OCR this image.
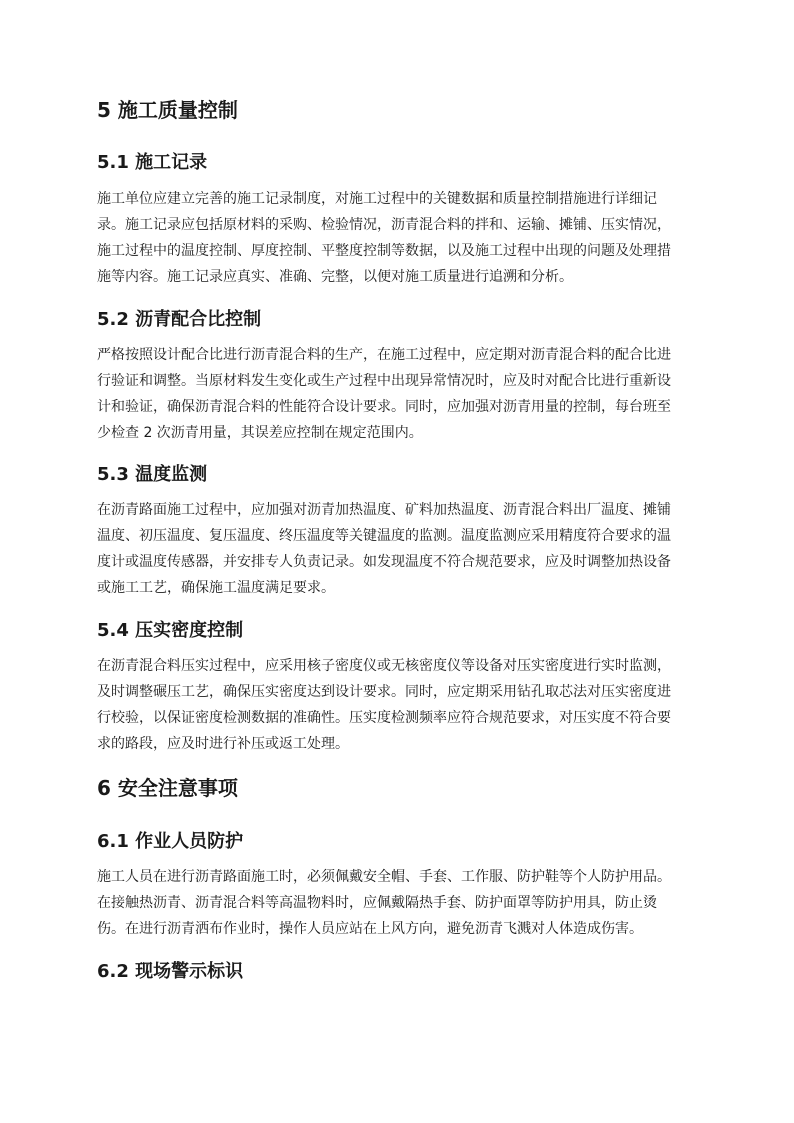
5 施工质量控制
5.1 施工记录
施工单位应建立完善的施工记录制度，对施工过程中的关键数据和质量控制措施进行详细记
录。施工记录应包括原材料的采购、检验情况，沥青混合料的拌和、运输、摊铺、压实情况，
施工过程中的温度控制、厚度控制、平整度控制等数据，以及施工过程中出现的问题及处理措
施等内容。施工记录应真实、准确、完整，以便对施工质量进行追溯和分析。
5.2 沥青配合比控制
严格按照设计配合比进行沥青混合料的生产，在施工过程中，应定期对沥青混合料的配合比进
行验证和调整。当原材料发生变化或生产过程中出现异常情况时，应及时对配合比进行重新设
计和验证，确保沥青混合料的性能符合设计要求。同时，应加强对沥青用量的控制，每台班至
少检查 2 次沥青用量，其误差应控制在规定范围内。
5.3 温度监测
在沥青路面施工过程中，应加强对沥青加热温度、矿料加热温度、沥青混合料出厂温度、摊铺
温度、初压温度、复压温度、终压温度等关键温度的监测。温度监测应采用精度符合要求的温
度计或温度传感器，并安排专人负责记录。如发现温度不符合规范要求，应及时调整加热设备
或施工工艺，确保施工温度满足要求。
5.4 压实密度控制
在沥青混合料压实过程中，应采用核子密度仪或无核密度仪等设备对压实密度进行实时监测，
及时调整碾压工艺，确保压实密度达到设计要求。同时，应定期采用钻孔取芯法对压实密度进
行校验，以保证密度检测数据的准确性。压实度检测频率应符合规范要求，对压实度不符合要
求的路段，应及时进行补压或返工处理。
6 安全注意事项
6.1 作业人员防护
施工人员在进行沥青路面施工时，必须佩戴安全帽、手套、工作服、防护鞋等个人防护用品。
在接触热沥青、沥青混合料等高温物料时，应佩戴隔热手套、防护面罩等防护用具，防止烫
伤。在进行沥青洒布作业时，操作人员应站在上风方向，避免沥青飞溅对人体造成伤害。
6.2 现场警示标识
